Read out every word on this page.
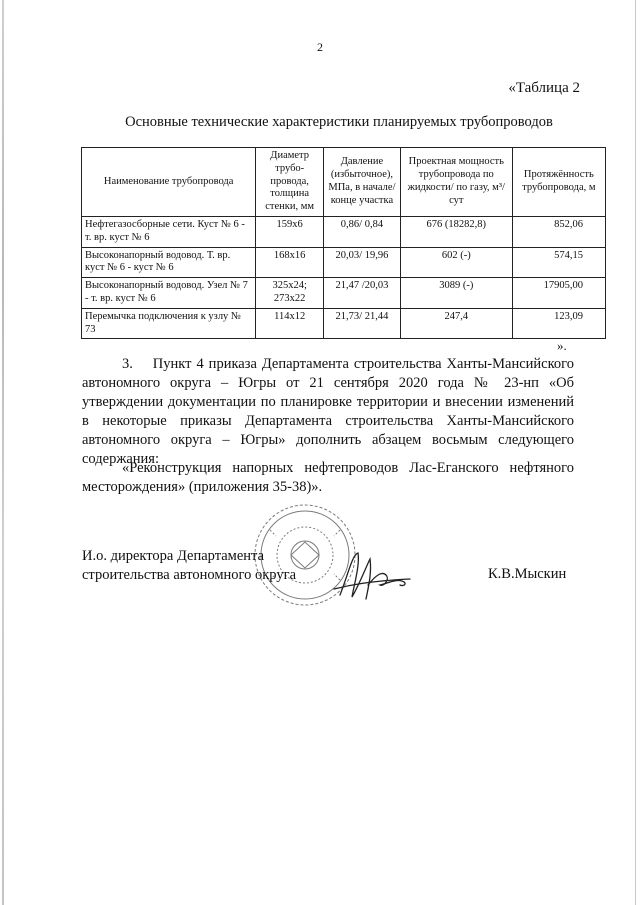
2
«Таблица 2
Основные технические характеристики планируемых трубопроводов
Наименование трубопровода	Диаметр трубо-провода, толщина стенки, мм	Давление (избыточное), МПа, в начале/ конце участка	Проектная мощность трубопровода по жидкости/ по газу, м³/сут	Протяжённость трубопровода, м
Нефтегазосборные сети. Куст № 6 - т. вр. куст № 6	159х6	0,86/ 0,84	676 (18282,8)	852,06
Высоконапорный водовод. Т. вр. куст № 6 - куст № 6	168х16	20,03/ 19,96	602 (-)	574,15
Высоконапорный водовод. Узел № 7 - т. вр. куст № 6	325х24; 273х22	21,47 /20,03	3089 (-)	17905,00
Перемычка подключения к узлу № 73	114х12	21,73/ 21,44	247,4	123,09
».
3.    Пункт 4 приказа Департамента строительства Ханты-Мансийского автономного округа – Югры от 21 сентября 2020 года № 23-нп «Об утверждении документации по планировке территории и внесении изменений в некоторые приказы Департамента строительства Ханты-Мансийского автономного округа – Югры» дополнить абзацем восьмым следующего содержания:
«Реконструкция напорных нефтепроводов Лас-Еганского нефтяного месторождения» (приложения 35-38)».
И.о. директора Департамента
строительства автономного округа	К.В.Мыскин
